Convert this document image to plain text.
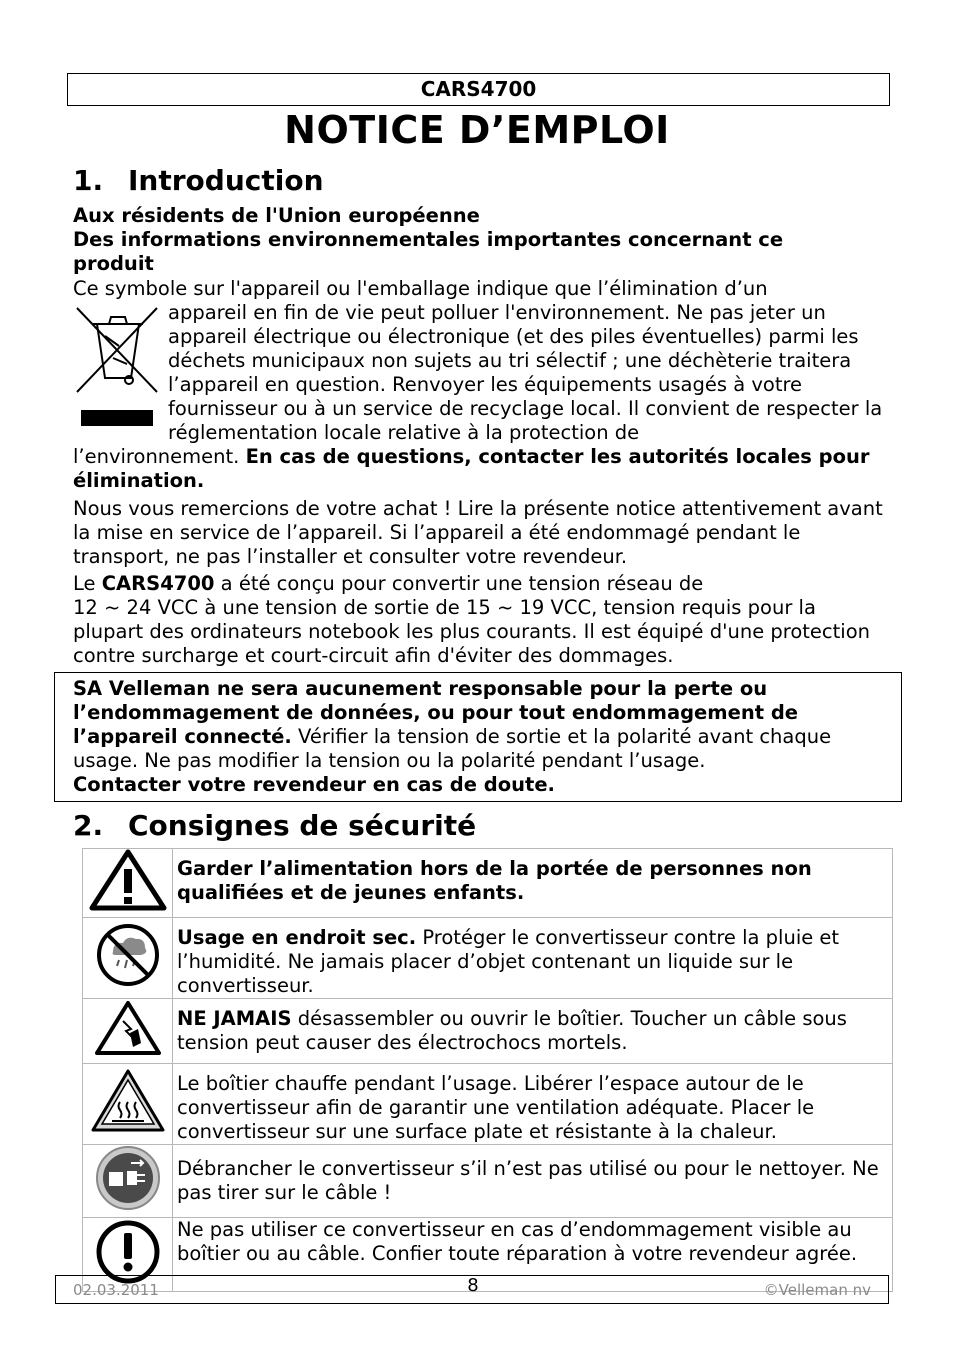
CARS4700
NOTICE D’EMPLOI
1. Introduction
Aux résidents de l'Union européenne
Des informations environnementales importantes concernant ce produit
Ce symbole sur l'appareil ou l'emballage indique que l’élimination d’un
appareil en fin de vie peut polluer l'environnement. Ne pas jeter un appareil électrique ou électronique (et des piles éventuelles) parmi les déchets municipaux non sujets au tri sélectif ; une déchèterie traitera l’appareil en question. Renvoyer les équipements usagés à votre fournisseur ou à un service de recyclage local. Il convient de respecter la réglementation locale relative à la protection de
l’environnement. En cas de questions, contacter les autorités locales pour élimination.
Nous vous remercions de votre achat ! Lire la présente notice attentivement avant la mise en service de l’appareil. Si l’appareil a été endommagé pendant le transport, ne pas l’installer et consulter votre revendeur.
Le CARS4700 a été conçu pour convertir une tension réseau de
12 ~ 24 VCC à une tension de sortie de 15 ~ 19 VCC, tension requis pour la plupart des ordinateurs notebook les plus courants. Il est équipé d'une protection contre surcharge et court-circuit afin d'éviter des dommages.
SA Velleman ne sera aucunement responsable pour la perte ou l’endommagement de données, ou pour tout endommagement de l’appareil connecté. Vérifier la tension de sortie et la polarité avant chaque usage. Ne pas modifier la tension ou la polarité pendant l’usage.
Contacter votre revendeur en cas de doute.
2. Consignes de sécurité
	Garder l’alimentation hors de la portée de personnes non qualifiées et de jeunes enfants.
	Usage en endroit sec. Protéger le convertisseur contre la pluie et l’humidité. Ne jamais placer d’objet contenant un liquide sur le convertisseur.
	NE JAMAIS désassembler ou ouvrir le boîtier. Toucher un câble sous tension peut causer des électrochocs mortels.
	Le boîtier chauffe pendant l’usage. Libérer l’espace autour de le convertisseur afin de garantir une ventilation adéquate. Placer le convertisseur sur une surface plate et résistante à la chaleur.
	Débrancher le convertisseur s’il n’est pas utilisé ou pour le nettoyer. Ne pas tirer sur le câble !
	Ne pas utiliser ce convertisseur en cas d’endommagement visible au boîtier ou au câble. Confier toute réparation à votre revendeur agrée.
02.03.2011	8	©Velleman nv
